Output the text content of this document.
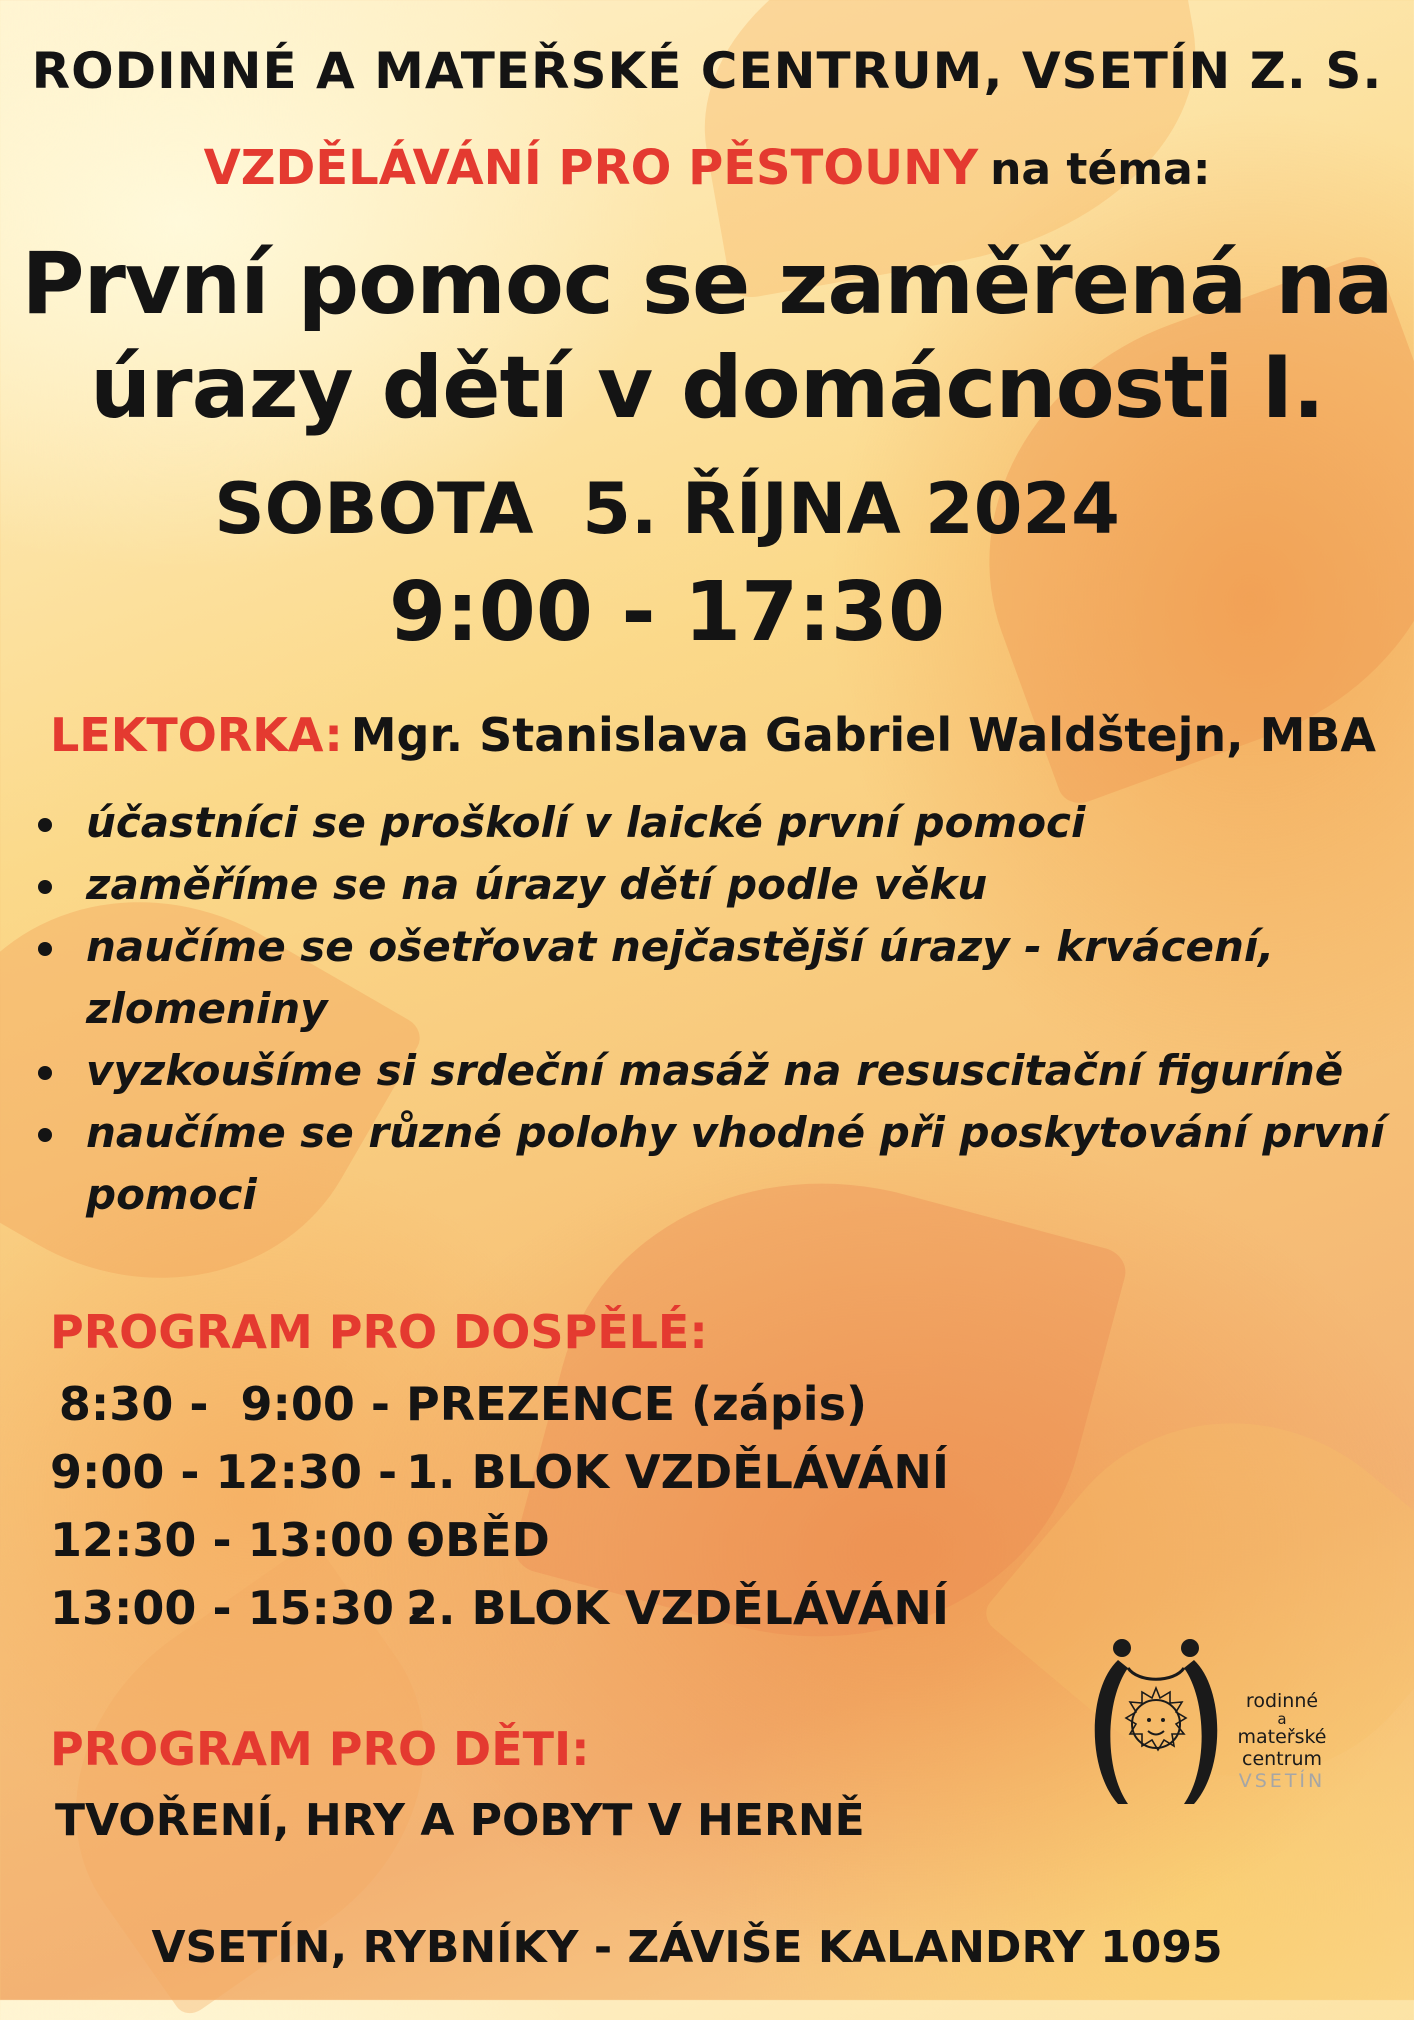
RODINNÉ A MATEŘSKÉ CENTRUM, VSETÍN Z. S.
VZDĚLÁVÁNÍ PRO PĚSTOUNY na téma:
První pomoc se zaměřená na
úrazy dětí v domácnosti I.
SOBOTA  5. ŘÍJNA 2024
9:00 - 17:30
LEKTORKA: Mgr. Stanislava Gabriel Waldštejn, MBA
účastníci se proškolí v laické první pomoci
zaměříme se na úrazy dětí podle věku
naučíme se ošetřovat nejčastější úrazy - krvácení, zlomeniny
vyzkoušíme si srdeční masáž na resuscitační figuríně
naučíme se různé polohy vhodné při poskytování první pomoci
PROGRAM PRO DOSPĚLÉ:
8:30 -  9:00 - PREZENCE (zápis)
9:00 - 12:30 -
1. BLOK VZDĚLÁVÁNÍ
12:30 - 13:00 -
OBĚD
13:00 - 15:30 -
2. BLOK VZDĚLÁVÁNÍ
PROGRAM PRO DĚTI:
TVOŘENÍ, HRY A POBYT V HERNĚ
rodinné
a
mateřské
centrum
VSETÍN
VSETÍN, RYBNÍKY - ZÁVIŠE KALANDRY 1095
